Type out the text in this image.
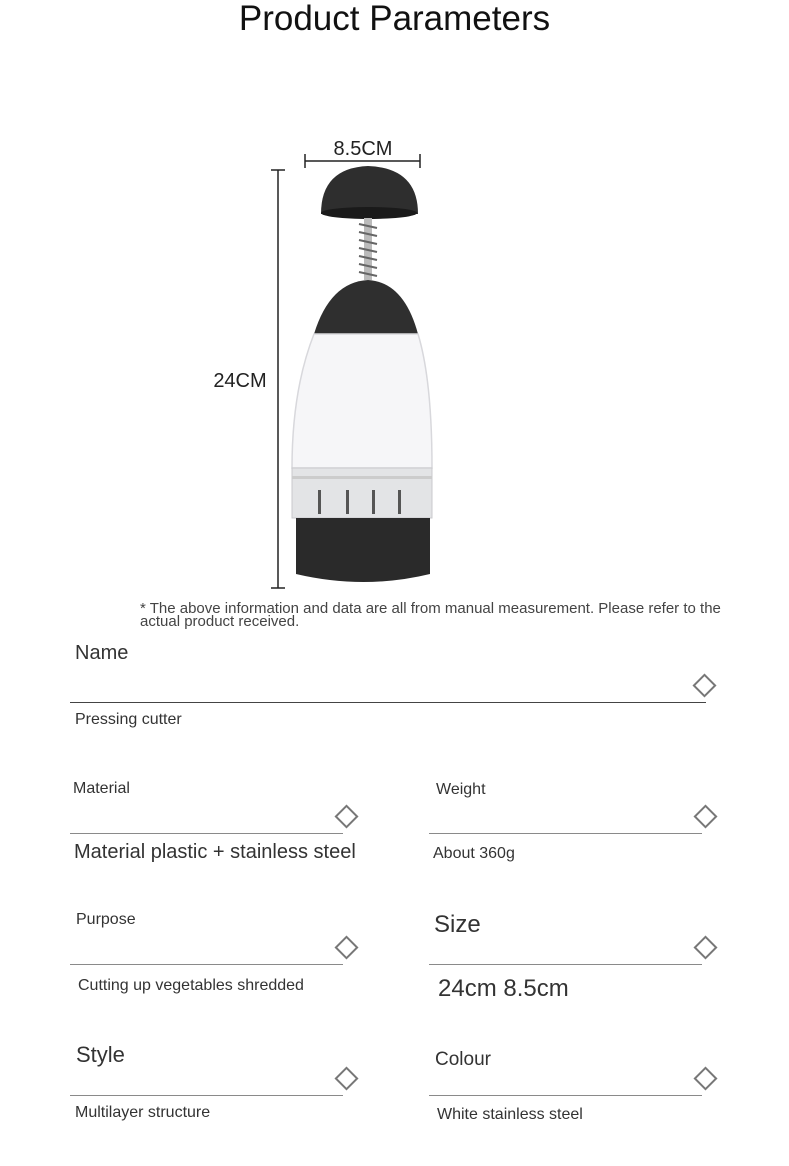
Product Parameters
8.5CM
24CM
* The above information and data are all from manual measurement. Please refer to the actual product received.
Name
Pressing cutter
Material
Material plastic + stainless steel
Weight
About 360g
Purpose
Cutting up vegetables shredded
Size
24cm 8.5cm
Style
Multilayer structure
Colour
White stainless steel
